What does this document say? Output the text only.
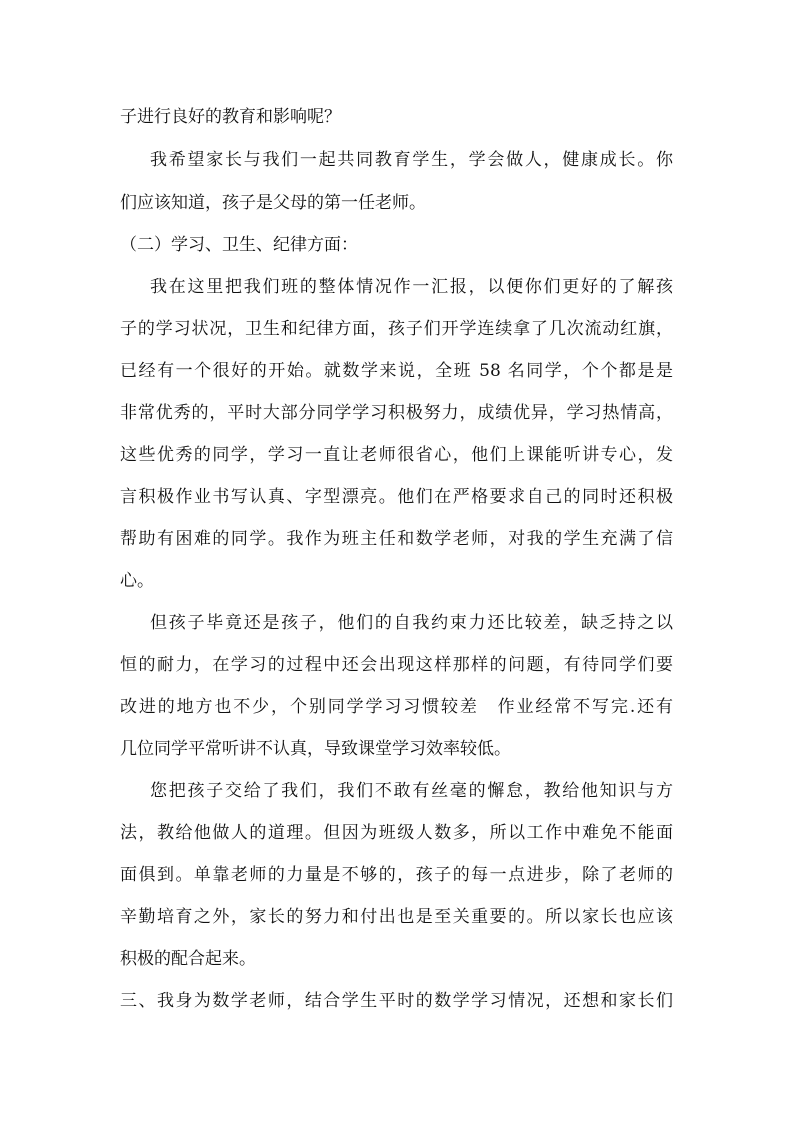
子进行良好的教育和影响呢？

我希望家长与我们一起共同教育学生，学会做人，健康成长。你

们应该知道，孩子是父母的第一任老师。

（二）学习、卫生、纪律方面：

我在这里把我们班的整体情况作一汇报，以便你们更好的了解孩

子的学习状况，卫生和纪律方面，孩子们开学连续拿了几次流动红旗，

已经有一个很好的开始。就数学来说，全班 58 名同学，个个都是是

非常优秀的，平时大部分同学学习积极努力，成绩优异，学习热情高，

这些优秀的同学，学习一直让老师很省心，他们上课能听讲专心，发

言积极作业书写认真、字型漂亮。他们在严格要求自己的同时还积极

帮助有困难的同学。我作为班主任和数学老师，对我的学生充满了信

心。

但孩子毕竟还是孩子，他们的自我约束力还比较差，缺乏持之以

恒的耐力，在学习的过程中还会出现这样那样的问题，有待同学们要

改进的地方也不少，个别同学学习习惯较差　作业经常不写完.还有

几位同学平常听讲不认真，导致课堂学习效率较低。

您把孩子交给了我们，我们不敢有丝毫的懈怠，教给他知识与方

法，教给他做人的道理。但因为班级人数多，所以工作中难免不能面

面俱到。单靠老师的力量是不够的，孩子的每一点进步，除了老师的

辛勤培育之外，家长的努力和付出也是至关重要的。所以家长也应该

积极的配合起来。

三、我身为数学老师，结合学生平时的数学学习情况，还想和家长们
